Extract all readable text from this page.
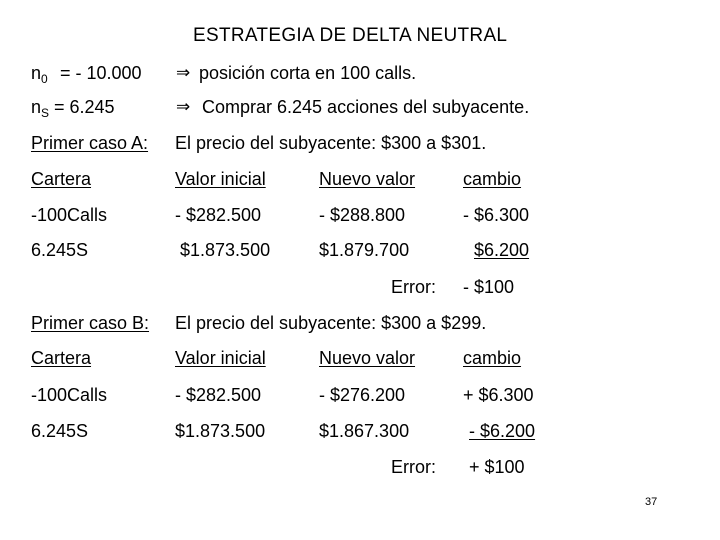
ESTRATEGIA DE DELTA NEUTRAL
$n_0$ = - 10.000 ⇒ posición corta en 100 calls.
$n_S = 6.245$	⇒ Comprar 6.245 acciones del subyacente.
Primer caso A: El precio del subyacente: $300 a $301.
Cartera	Valor inicial	Nuevo valor	cambio
-100Calls	- $282.500	- $288.800	- $6.300
6.245S	$1.873.500	$1.879.700	$6.200
Error: - $100
Primer caso B: El precio del subyacente: $300 a $299.
Cartera	Valor inicial	Nuevo valor	cambio
-100Calls	- $282.500	- $276.200	+ $6.300
6.245S	$1.873.500	$1.867.300	- $6.200
Error: + $100
37
